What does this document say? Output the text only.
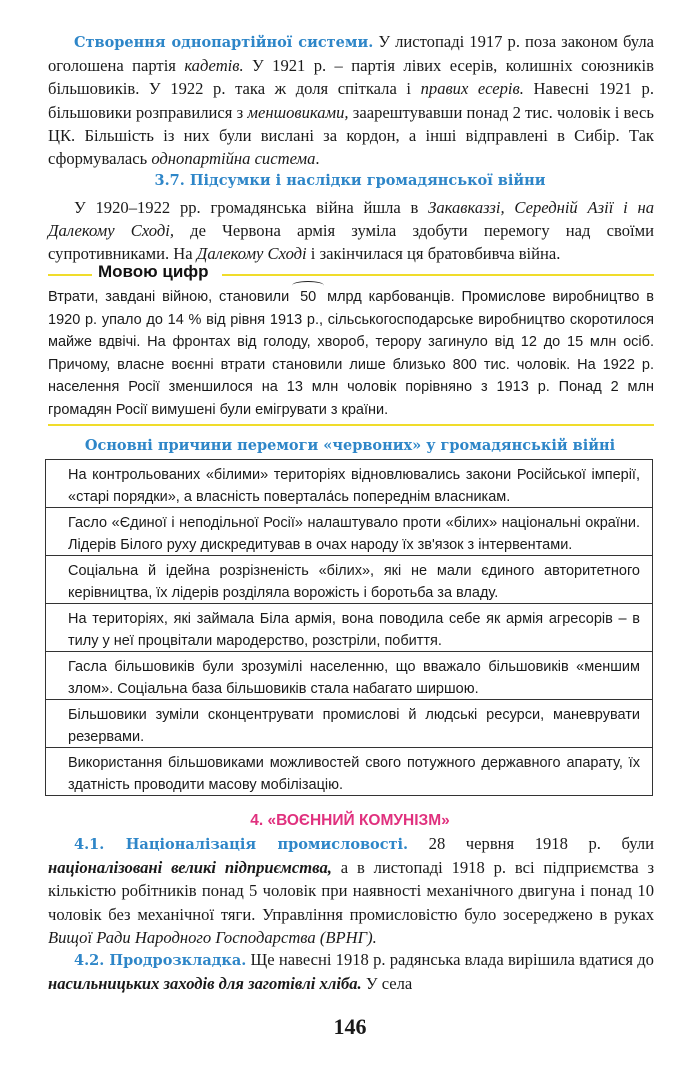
Створення однопартійної системи. У листопаді 1917 р. поза законом була оголошена партія кадетів. У 1921 р. – партія лівих есерів, колишніх союзників більшовиків. У 1922 р. така ж доля спіткала і правих есерів. Навесні 1921 р. більшовики розправилися з меншовиками, заарештувавши понад 2 тис. чоловік і весь ЦК. Більшість із них були вислані за кордон, а інші відправлені в Сибір. Так сформувалась однопартійна система.

3.7. Підсумки і наслідки громадянської війни

У 1920–1922 рр. громадянська війна йшла в Закавказзі, Середній Азії і на Далекому Сході, де Червона армія зуміла здобути перемогу над своїми супротивниками. На Далекому Сході і закінчилася ця братовбивча війна.

Мовою цифр

Втрати, завдані війною, становили 50 млрд карбованців. Промислове виробництво в 1920 р. упало до 14 % від рівня 1913 р., сільськогосподарське виробництво скоротилося майже вдвічі. На фронтах від голоду, хвороб, терору загинуло від 12 до 15 млн осіб. Причому, власне воєнні втрати становили лише близько 800 тис. чоловік. На 1922 р. населення Росії зменшилося на 13 млн чоловік порівняно з 1913 р. Понад 2 млн громадян Росії вимушені були емігрувати з країни.

Основні причини перемоги «червоних» у громадянській війні
На контрольованих «білими» територіях відновлювались закони Російської імперії, «старі порядки», а власність повертала́сь попереднім власникам.
Гасло «Єдиної і неподільної Росії» налаштувало проти «білих» національні окраїни. Лідерів Білого руху дискредитував в очах народу їх зв'язок з інтервентами.
Соціальна й ідейна розрізненість «білих», які не мали єдиного авторитетного керівництва, їх лідерів розділяла ворожість і боротьба за владу.
На територіях, які займала Біла армія, вона поводила себе як армія агресорів – в тилу у неї процвітали мародерство, розстріли, побиття.
Гасла більшовиків були зрозумілі населенню, що вважало більшовиків «меншим злом». Соціальна база більшовиків стала набагато ширшою.
Більшовики зуміли сконцентрувати промислові й людські ресурси, маневрувати резервами.
Використання більшовиками можливостей свого потужного державного апарату, їх здатність проводити масову мобілізацію.
4. «ВОЄННИЙ КОМУНІЗМ»

4.1. Націоналізація промисловості. 28 червня 1918 р. були націоналізовані великі підприємства, а в листопаді 1918 р. всі підприємства з кількістю робітників понад 5 чоловік при наявності механічного двигуна і понад 10 чоловік без механічної тяги. Управління промисловістю було зосереджено в руках Вищої Ради Народного Господарства (ВРНГ).

4.2. Продрозкладка. Ще навесні 1918 р. радянська влада вирішила вдатися до насильницьких заходів для заготівлі хліба. У села

146
